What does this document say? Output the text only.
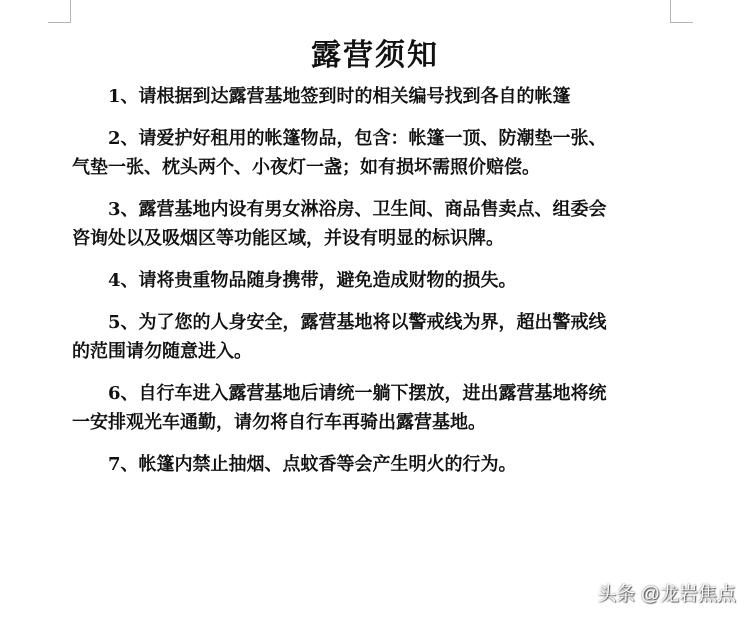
露营须知

1、请根据到达露营基地签到时的相关编号找到各自的帐篷

2、请爱护好租用的帐篷物品，包含：帐篷一顶、防潮垫一张、
气垫一张、枕头两个、小夜灯一盏；如有损坏需照价赔偿。

3、露营基地内设有男女淋浴房、卫生间、商品售卖点、组委会
咨询处以及吸烟区等功能区域，并设有明显的标识牌。

4、请将贵重物品随身携带，避免造成财物的损失。

5、为了您的人身安全，露营基地将以警戒线为界，超出警戒线
的范围请勿随意进入。

6、自行车进入露营基地后请统一躺下摆放，进出露营基地将统
一安排观光车通勤，请勿将自行车再骑出露营基地。

7、帐篷内禁止抽烟、点蚊香等会产生明火的行为。

头条 @龙岩焦点
